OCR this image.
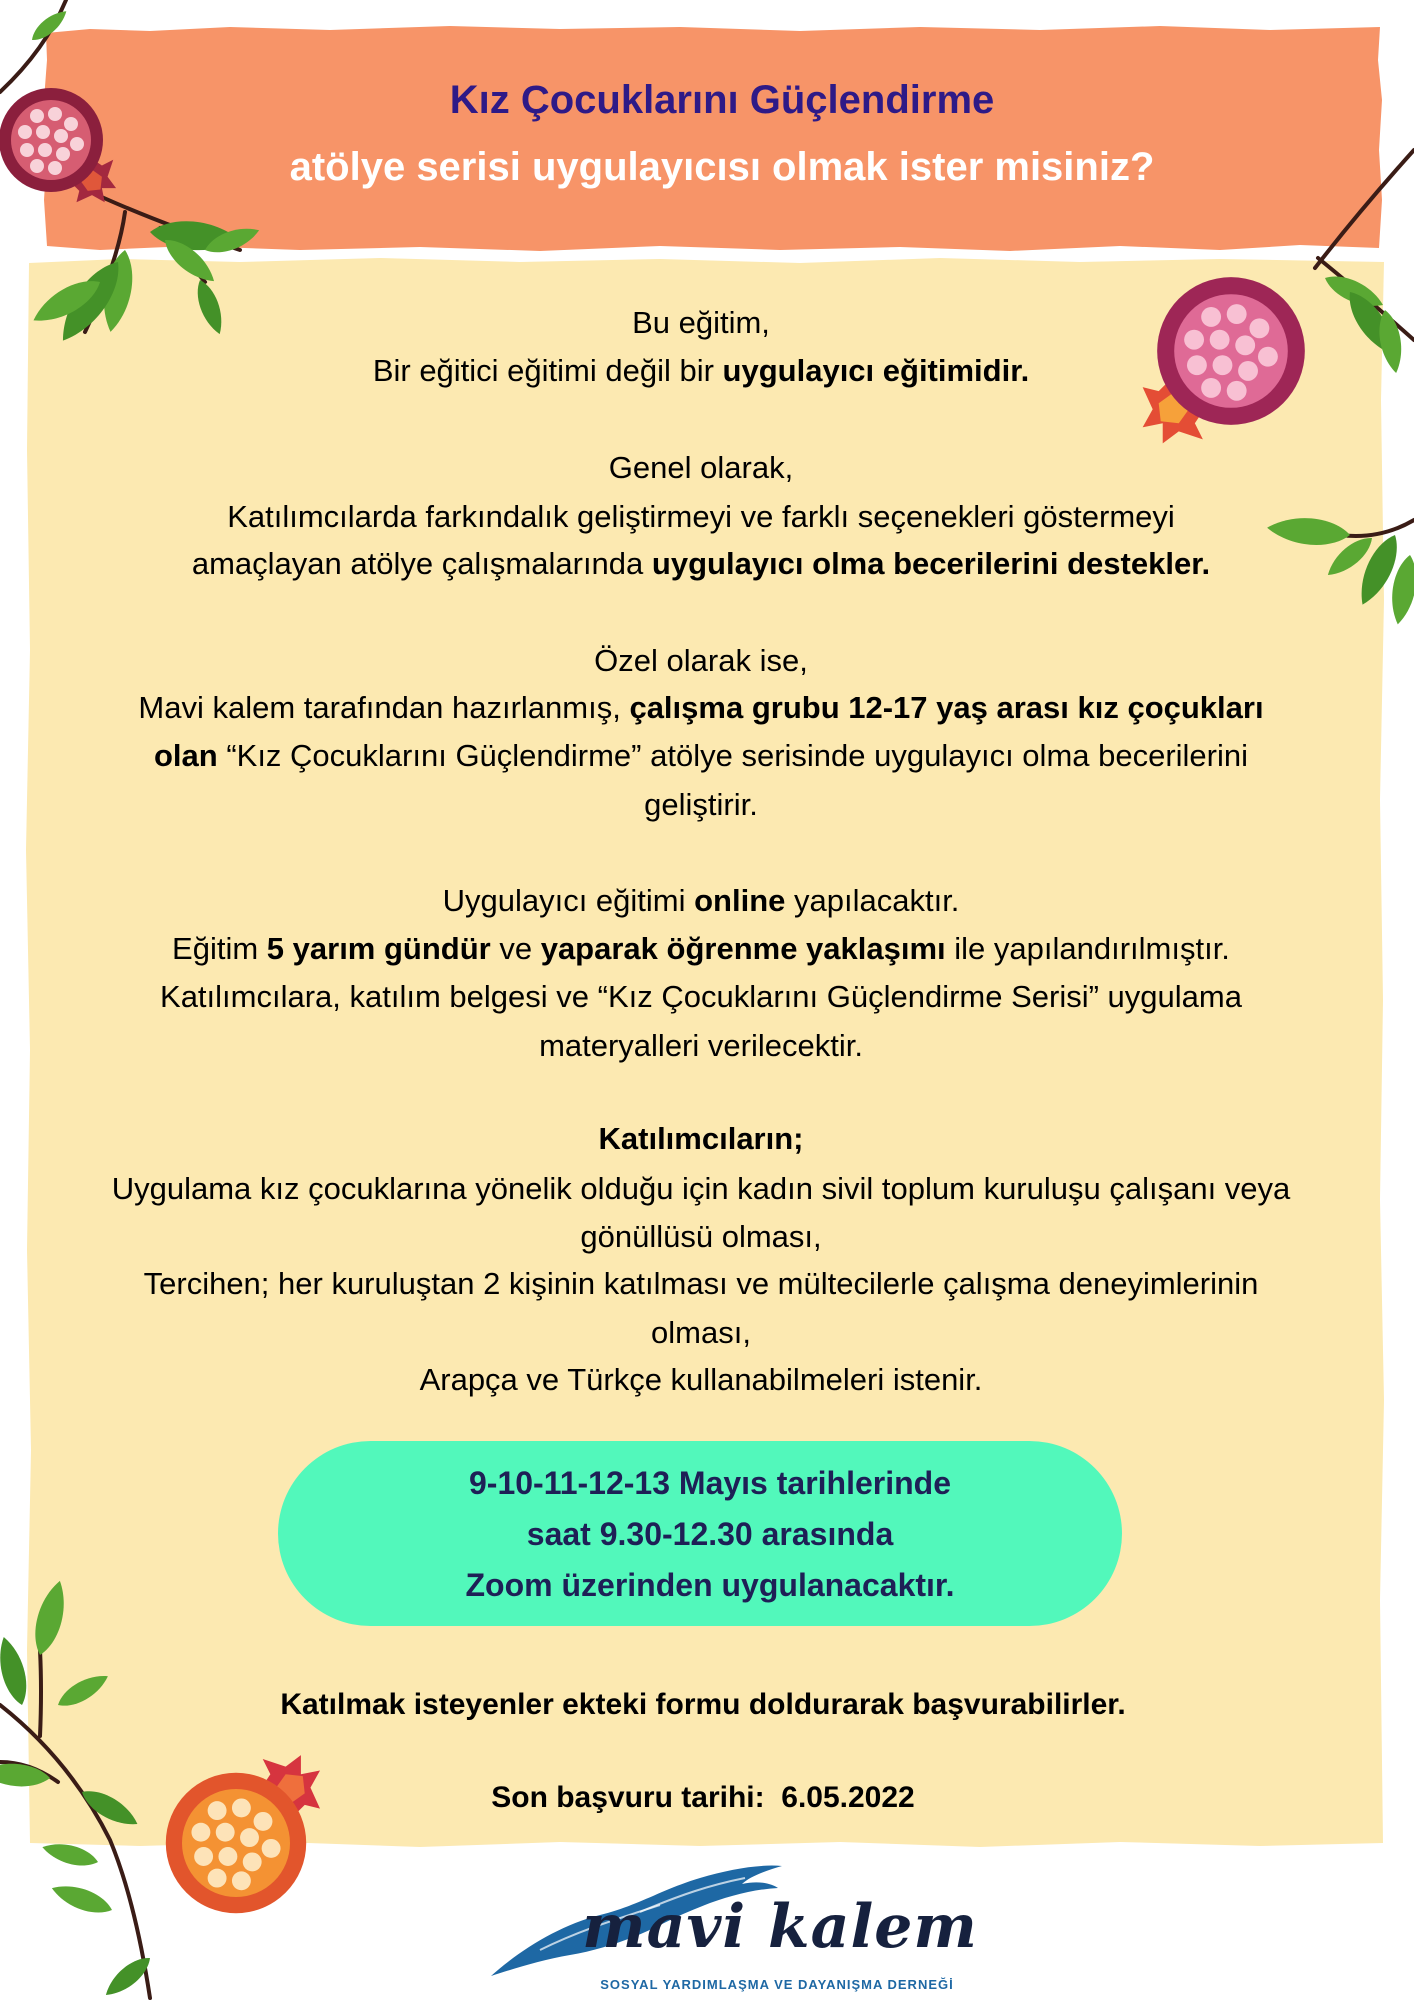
Kız Çocuklarını Güçlendirme
atölye serisi uygulayıcısı olmak ister misiniz?
Bu eğitim,
Bir eğitici eğitimi değil bir uygulayıcı eğitimidir.
Genel olarak,
Katılımcılarda farkındalık geliştirmeyi ve farklı seçenekleri göstermeyi
amaçlayan atölye çalışmalarında uygulayıcı olma becerilerini destekler.
Özel olarak ise,
Mavi kalem tarafından hazırlanmış, çalışma grubu 12-17 yaş arası kız çoçukları
olan “Kız Çocuklarını Güçlendirme” atölye serisinde uygulayıcı olma becerilerini
geliştirir.
Uygulayıcı eğitimi online yapılacaktır.
Eğitim 5 yarım gündür ve yaparak öğrenme yaklaşımı ile yapılandırılmıştır.
Katılımcılara, katılım belgesi ve “Kız Çocuklarını Güçlendirme Serisi” uygulama
materyalleri verilecektir.
Katılımcıların;
Uygulama kız çocuklarına yönelik olduğu için kadın sivil toplum kuruluşu çalışanı veya
gönüllüsü olması,
Tercihen; her kuruluştan 2 kişinin katılması ve mültecilerle çalışma deneyimlerinin
olması,
Arapça ve Türkçe kullanabilmeleri istenir.
9-10-11-12-13 Mayıs tarihlerinde
saat 9.30-12.30 arasında
Zoom üzerinden uygulanacaktır.
Katılmak isteyenler ekteki formu doldurarak başvurabilirler.
Son başvuru tarihi:  6.05.2022
mavi kalem
SOSYAL YARDIMLAŞMA VE DAYANIŞMA DERNEĞİ
